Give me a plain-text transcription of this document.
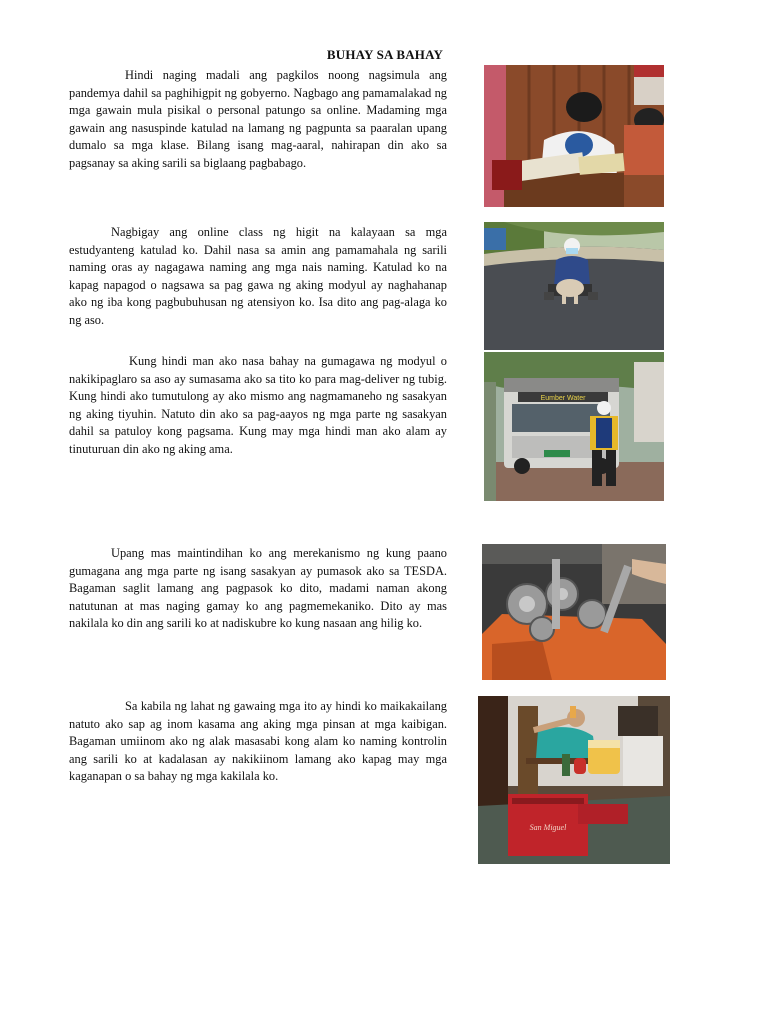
BUHAY SA BAHAY

Hindi naging madali ang pagkilos noong nagsimula ang pandemya dahil sa paghihigpit ng gobyerno. Nagbago ang pamamalakad ng mga gawain mula pisikal o personal patungo sa online. Madaming mga gawain ang nasuspinde katulad na lamang ng pagpunta sa paaralan upang dumalo sa mga klase. Bilang isang mag-aaral, nahirapan din ako sa pagsanay sa aking sarili sa biglaang pagbabago.

Nagbigay ang online class ng higit na kalayaan sa mga estudyanteng katulad ko. Dahil nasa sa amin ang pamamahala ng sarili naming oras ay nagagawa naming ang mga nais naming. Katulad ko na kapag napagod o nagsawa sa pag gawa ng aking modyul ay naghahanap ako ng iba kong pagbubuhusan ng atensiyon ko. Isa dito ang pag-alaga ko ng aso.

Kung hindi man ako nasa bahay na gumagawa ng modyul o nakikipaglaro sa aso ay sumasama ako sa tito ko para mag-deliver ng tubig. Kung hindi ako tumutulong ay ako mismo ang nagmamaneho ng sasakyan ng aking tiyuhin. Natuto din ako sa pag-aayos ng mga parte ng sasakyan dahil sa patuloy kong pagsama. Kung may mga hindi man ako alam ay tinuturuan din ako ng aking ama.

Upang mas maintindihan ko ang merekanismo ng kung paano gumagana ang mga parte ng isang sasakyan ay pumasok ako sa TESDA. Bagaman saglit lamang ang pagpasok ko dito, madami naman akong natutunan at mas naging gamay ko ang pagmemekaniko. Dito ay mas nakilala ko din ang sarili ko at nadiskubre ko kung nasaan ang hilig ko.

Sa kabila ng lahat ng gawaing mga ito ay hindi ko maikakailang natuto ako sap ag inom kasama ang aking mga pinsan at mga kaibigan. Bagaman umiinom ako ng alak masasabi kong alam ko naming kontrolin ang sarili ko at kadalasan ay nakikiinom lamang ako kapag may mga kaganapan o sa bahay ng mga kakilala ko.

Eumber Water
San Miguel
